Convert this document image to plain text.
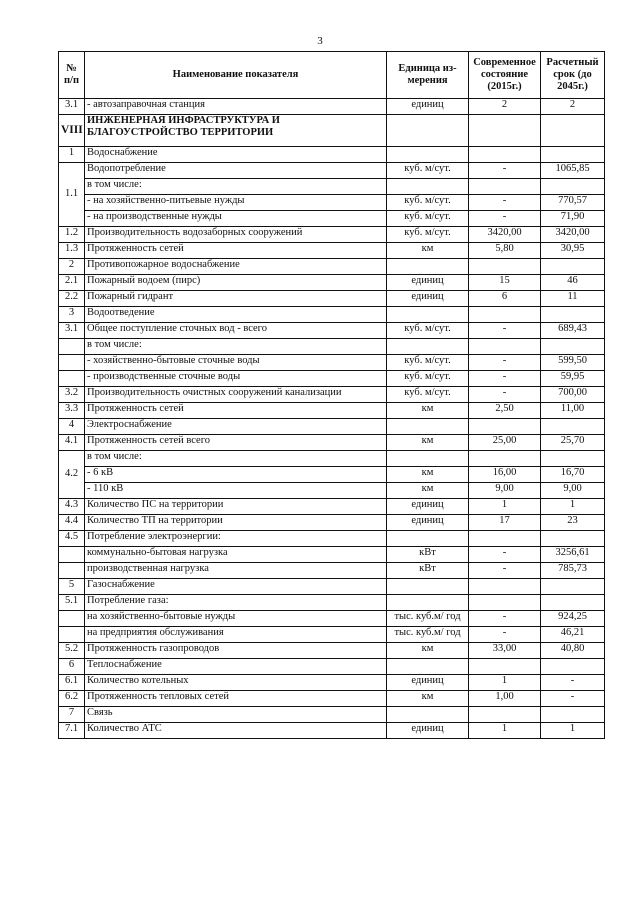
3
№ п/п	Наименование показателя	Единица из-мерения	Современное состояние (2015г.)	Расчетный срок (до 2045г.)
3.1	- автозаправочная станция	единиц	2	2
VIII	ИНЖЕНЕРНАЯ ИНФРАСТРУКТУРА И БЛАГОУСТРОЙСТВО ТЕРРИТОРИИ			
1	Водоснабжение			
1.1	Водопотребление	куб. м/сут.	-	1065,85
	в том числе:			
	- на хозяйственно-питьевые нужды	куб. м/сут.	-	770,57
	- на производственные нужды	куб. м/сут.	-	71,90
1.2	Производительность водозаборных сооружений	куб. м/сут.	3420,00	3420,00
1.3	Протяженность сетей	км	5,80	30,95
2	Противопожарное водоснабжение			
2.1	Пожарный водоем (пирс)	единиц	15	46
2.2	Пожарный гидрант	единиц	6	11
3	Водоотведение			
3.1	Общее поступление сточных вод - всего	куб. м/сут.	-	689,43
	в том числе:			
	- хозяйственно-бытовые сточные воды	куб. м/сут.	-	599,50
	- производственные сточные воды	куб. м/сут.	-	59,95
3.2	Производительность очистных сооружений канализации	куб. м/сут.	-	700,00
3.3	Протяженность сетей	км	2,50	11,00
4	Электроснабжение			
4.1	Протяженность сетей всего	км	25,00	25,70
4.2	в том числе:			
	- 6 кВ	км	16,00	16,70
	- 110 кВ	км	9,00	9,00
4.3	Количество ПС на территории	единиц	1	1
4.4	Количество ТП на территории	единиц	17	23
4.5	Потребление электроэнергии:			
	коммунально-бытовая нагрузка	кВт	-	3256,61
	производственная нагрузка	кВт	-	785,73
5	Газоснабжение			
5.1	Потребление газа:			
	на хозяйственно-бытовые нужды	тыс. куб.м/ год	-	924,25
	на предприятия обслуживания	тыс. куб.м/ год	-	46,21
5.2	Протяженность газопроводов	км	33,00	40,80
6	Теплоснабжение			
6.1	Количество котельных	единиц	1	-
6.2	Протяженность тепловых сетей	км	1,00	-
7	Связь			
7.1	Количество АТС	единиц	1	1
